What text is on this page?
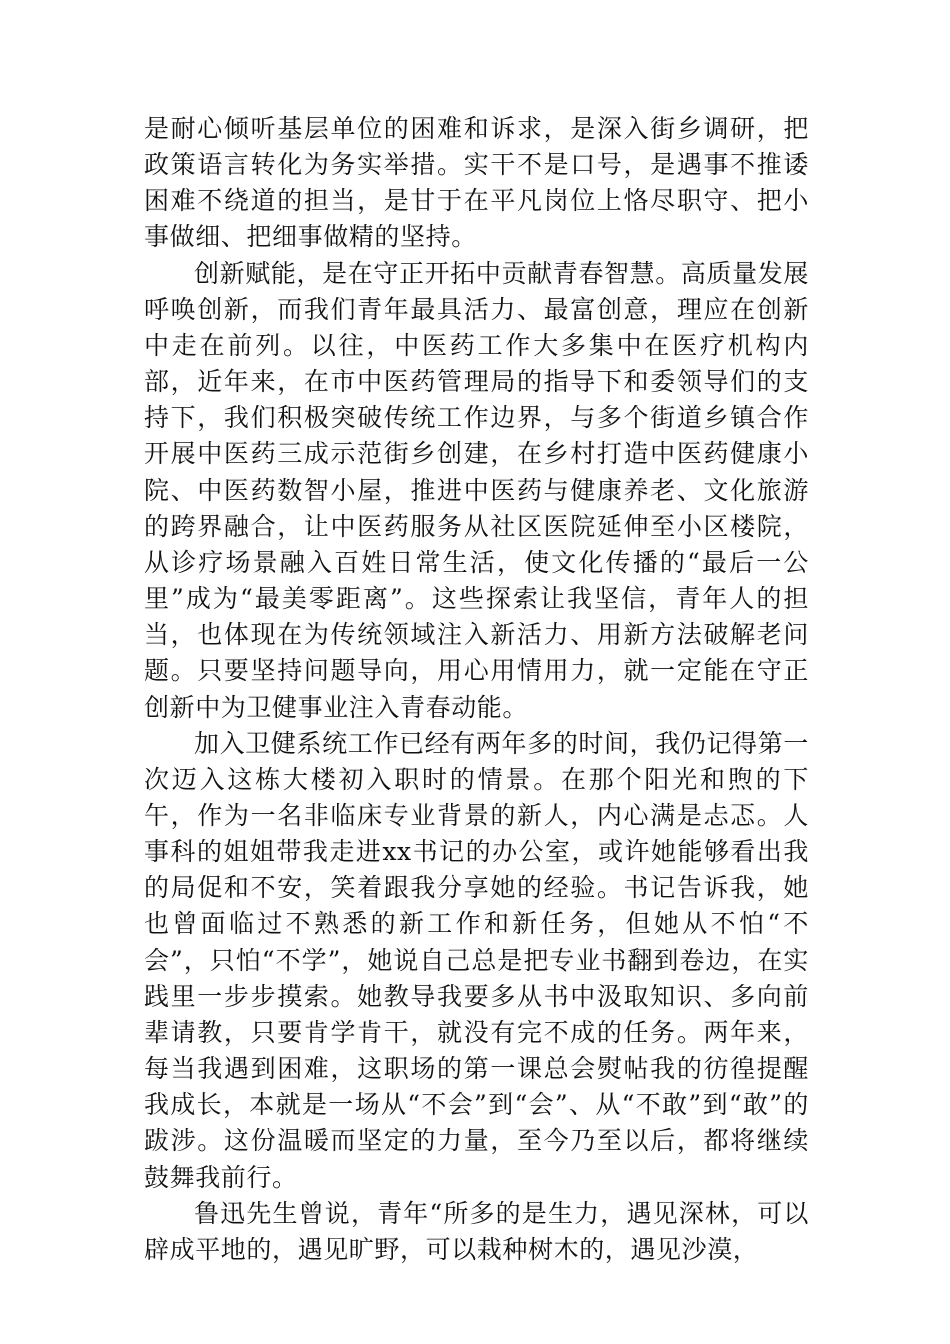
是耐心倾听基层单位的困难和诉求，是深入街乡调研，把政策语言转化为务实举措。实干不是口号，是遇事不推诿困难不绕道的担当，是甘于在平凡岗位上恪尽职守、把小事做细、把细事做精的坚持。

创新赋能，是在守正开拓中贡献青春智慧。高质量发展呼唤创新，而我们青年最具活力、最富创意，理应在创新中走在前列。以往，中医药工作大多集中在医疗机构内部，近年来，在市中医药管理局的指导下和委领导们的支持下，我们积极突破传统工作边界，与多个街道乡镇合作开展中医药三成示范街乡创建，在乡村打造中医药健康小院、中医药数智小屋，推进中医药与健康养老、文化旅游的跨界融合，让中医药服务从社区医院延伸至小区楼院，从诊疗场景融入百姓日常生活，使文化传播的“最后一公里”成为“最美零距离”。这些探索让我坚信，青年人的担当，也体现在为传统领域注入新活力、用新方法破解老问题。只要坚持问题导向，用心用情用力，就一定能在守正创新中为卫健事业注入青春动能。

加入卫健系统工作已经有两年多的时间，我仍记得第一次迈入这栋大楼初入职时的情景。在那个阳光和煦的下午，作为一名非临床专业背景的新人，内心满是忐忑。人事科的姐姐带我走进xx书记的办公室，或许她能够看出我的局促和不安，笑着跟我分享她的经验。书记告诉我，她也曾面临过不熟悉的新工作和新任务，但她从不怕“不会”，只怕“不学”，她说自己总是把专业书翻到卷边，在实践里一步步摸索。她教导我要多从书中汲取知识、多向前辈请教，只要肯学肯干，就没有完不成的任务。两年来，每当我遇到困难，这职场的第一课总会熨帖我的彷徨提醒我成长，本就是一场从“不会”到“会”、从“不敢”到“敢”的跋涉。这份温暖而坚定的力量，至今乃至以后，都将继续鼓舞我前行。

鲁迅先生曾说，青年“所多的是生力，遇见深林，可以辟成平地的，遇见旷野，可以栽种树木的，遇见沙漠，
